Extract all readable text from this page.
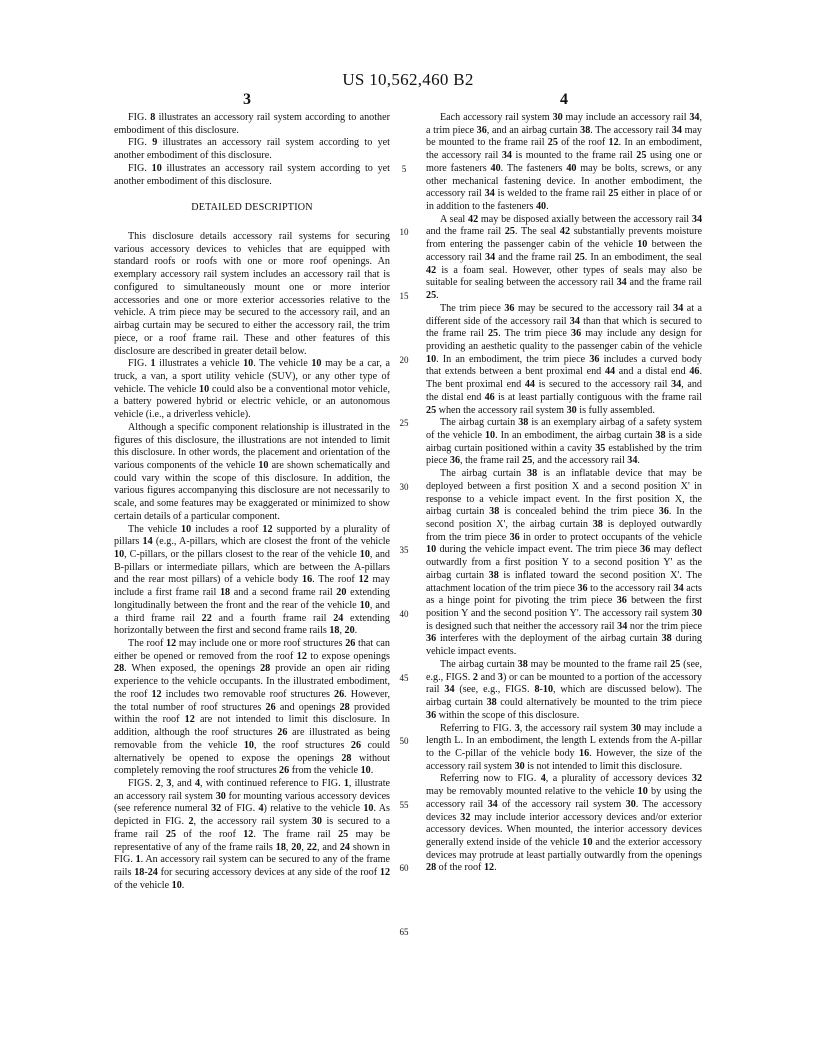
US 10,562,460 B2
3	4

FIG. 8 illustrates an accessory rail system according to another embodiment of this disclosure.

FIG. 9 illustrates an accessory rail system according to yet another embodiment of this disclosure.

FIG. 10 illustrates an accessory rail system according to yet another embodiment of this disclosure.

DETAILED DESCRIPTION

This disclosure details accessory rail systems for securing various accessory devices to vehicles that are equipped with standard roofs or roofs with one or more roof openings. An exemplary accessory rail system includes an accessory rail that is configured to simultaneously mount one or more interior accessories and one or more exterior accessories relative to the vehicle. A trim piece may be secured to the accessory rail, and an airbag curtain may be secured to either the accessory rail, the trim piece, or a roof frame rail. These and other features of this disclosure are described in greater detail below.

FIG. 1 illustrates a vehicle 10. The vehicle 10 may be a car, a truck, a van, a sport utility vehicle (SUV), or any other type of vehicle. The vehicle 10 could also be a conventional motor vehicle, a battery powered hybrid or electric vehicle, or an autonomous vehicle (i.e., a driverless vehicle).

Although a specific component relationship is illustrated in the figures of this disclosure, the illustrations are not intended to limit this disclosure. In other words, the placement and orientation of the various components of the vehicle 10 are shown schematically and could vary within the scope of this disclosure. In addition, the various figures accompanying this disclosure are not necessarily to scale, and some features may be exaggerated or minimized to show certain details of a particular component.

The vehicle 10 includes a roof 12 supported by a plurality of pillars 14 (e.g., A-pillars, which are closest the front of the vehicle 10, C-pillars, or the pillars closest to the rear of the vehicle 10, and B-pillars or intermediate pillars, which are between the A-pillars and the rear most pillars) of a vehicle body 16. The roof 12 may include a first frame rail 18 and a second frame rail 20 extending longitudinally between the front and the rear of the vehicle 10, and a third frame rail 22 and a fourth frame rail 24 extending horizontally between the first and second frame rails 18, 20.

The roof 12 may include one or more roof structures 26 that can either be opened or removed from the roof 12 to expose openings 28. When exposed, the openings 28 provide an open air riding experience to the vehicle occupants. In the illustrated embodiment, the roof 12 includes two removable roof structures 26. However, the total number of roof structures 26 and openings 28 provided within the roof 12 are not intended to limit this disclosure. In addition, although the roof structures 26 are illustrated as being removable from the vehicle 10, the roof structures 26 could alternatively be opened to expose the openings 28 without completely removing the roof structures 26 from the vehicle 10.

FIGS. 2, 3, and 4, with continued reference to FIG. 1, illustrate an accessory rail system 30 for mounting various accessory devices (see reference numeral 32 of FIG. 4) relative to the vehicle 10. As depicted in FIG. 2, the accessory rail system 30 is secured to a frame rail 25 of the roof 12. The frame rail 25 may be representative of any of the frame rails 18, 20, 22, and 24 shown in FIG. 1. An accessory rail system can be secured to any of the frame rails 18-24 for securing accessory devices at any side of the roof 12 of the vehicle 10.

Each accessory rail system 30 may include an accessory rail 34, a trim piece 36, and an airbag curtain 38. The accessory rail 34 may be mounted to the frame rail 25 of the roof 12. In an embodiment, the accessory rail 34 is mounted to the frame rail 25 using one or more fasteners 40. The fasteners 40 may be bolts, screws, or any other mechanical fastening device. In another embodiment, the accessory rail 34 is welded to the frame rail 25 either in place of or in addition to the fasteners 40.

A seal 42 may be disposed axially between the accessory rail 34 and the frame rail 25. The seal 42 substantially prevents moisture from entering the passenger cabin of the vehicle 10 between the accessory rail 34 and the frame rail 25. In an embodiment, the seal 42 is a foam seal. However, other types of seals may also be suitable for sealing between the accessory rail 34 and the frame rail 25.

The trim piece 36 may be secured to the accessory rail 34 at a different side of the accessory rail 34 than that which is secured to the frame rail 25. The trim piece 36 may include any design for providing an aesthetic quality to the passenger cabin of the vehicle 10. In an embodiment, the trim piece 36 includes a curved body that extends between a bent proximal end 44 and a distal end 46. The bent proximal end 44 is secured to the accessory rail 34, and the distal end 46 is at least partially contiguous with the frame rail 25 when the accessory rail system 30 is fully assembled.

The airbag curtain 38 is an exemplary airbag of a safety system of the vehicle 10. In an embodiment, the airbag curtain 38 is a side airbag curtain positioned within a cavity 35 established by the trim piece 36, the frame rail 25, and the accessory rail 34.

The airbag curtain 38 is an inflatable device that may be deployed between a first position X and a second position X' in response to a vehicle impact event. In the first position X, the airbag curtain 38 is concealed behind the trim piece 36. In the second position X', the airbag curtain 38 is deployed outwardly from the trim piece 36 in order to protect occupants of the vehicle 10 during the vehicle impact event. The trim piece 36 may deflect outwardly from a first position Y to a second position Y' as the airbag curtain 38 is inflated toward the second position X'. The attachment location of the trim piece 36 to the accessory rail 34 acts as a hinge point for pivoting the trim piece 36 between the first position Y and the second position Y'. The accessory rail system 30 is designed such that neither the accessory rail 34 nor the trim piece 36 interferes with the deployment of the airbag curtain 38 during vehicle impact events.

The airbag curtain 38 may be mounted to the frame rail 25 (see, e.g., FIGS. 2 and 3) or can be mounted to a portion of the accessory rail 34 (see, e.g., FIGS. 8-10, which are discussed below). The airbag curtain 38 could alternatively be mounted to the trim piece 36 within the scope of this disclosure.

Referring to FIG. 3, the accessory rail system 30 may include a length L. In an embodiment, the length L extends from the A-pillar to the C-pillar of the vehicle body 16. However, the size of the accessory rail system 30 is not intended to limit this disclosure.

Referring now to FIG. 4, a plurality of accessory devices 32 may be removably mounted relative to the vehicle 10 by using the accessory rail 34 of the accessory rail system 30. The accessory devices 32 may include interior accessory devices and/or exterior accessory devices. When mounted, the interior accessory devices generally extend inside of the vehicle 10 and the exterior accessory devices may protrude at least partially outwardly from the openings 28 of the roof 12.

5
10
15
20
25
30
35
40
45
50
55
60
65
